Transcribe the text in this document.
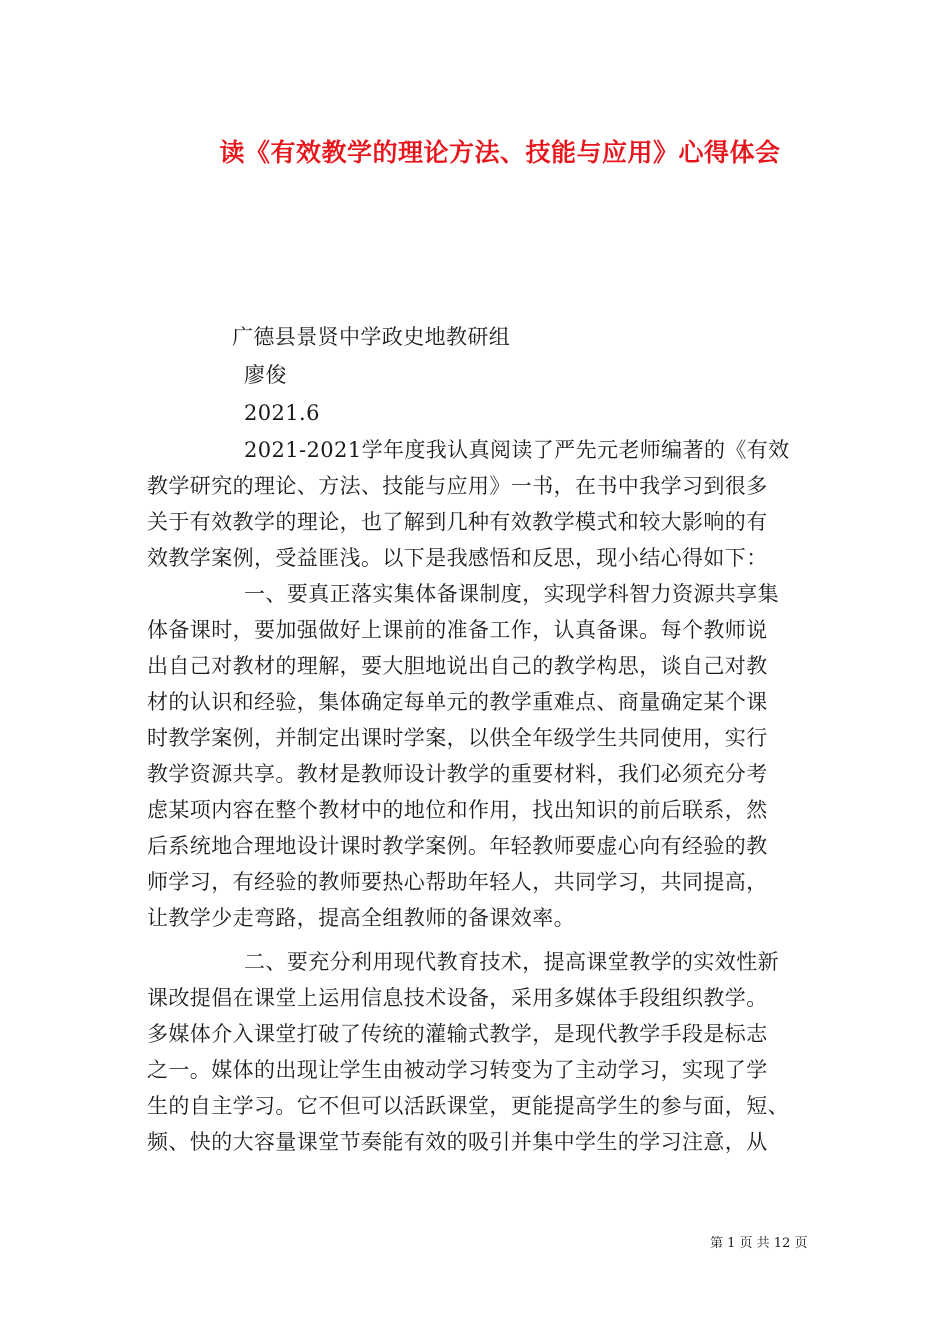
读《有效教学的理论方法、技能与应用》心得体会
广德县景贤中学政史地教研组
廖俊
2021.6
2021-2021学年度我认真阅读了严先元老师编著的《有效
教学研究的理论、方法、技能与应用》一书，在书中我学习到很多
关于有效教学的理论，也了解到几种有效教学模式和较大影响的有
效教学案例，受益匪浅。以下是我感悟和反思，现小结心得如下：
一、要真正落实集体备课制度，实现学科智力资源共享集
体备课时，要加强做好上课前的准备工作，认真备课。每个教师说
出自己对教材的理解，要大胆地说出自己的教学构思，谈自己对教
材的认识和经验，集体确定每单元的教学重难点、商量确定某个课
时教学案例，并制定出课时学案，以供全年级学生共同使用，实行
教学资源共享。教材是教师设计教学的重要材料，我们必须充分考
虑某项内容在整个教材中的地位和作用，找出知识的前后联系，然
后系统地合理地设计课时教学案例。年轻教师要虚心向有经验的教
师学习，有经验的教师要热心帮助年轻人，共同学习，共同提高，
让教学少走弯路，提高全组教师的备课效率。
二、要充分利用现代教育技术，提高课堂教学的实效性新
课改提倡在课堂上运用信息技术设备，采用多媒体手段组织教学。
多媒体介入课堂打破了传统的灌输式教学，是现代教学手段是标志
之一。媒体的出现让学生由被动学习转变为了主动学习，实现了学
生的自主学习。它不但可以活跃课堂，更能提高学生的参与面，短、
频、快的大容量课堂节奏能有效的吸引并集中学生的学习注意，从
第 1 页 共 12 页
